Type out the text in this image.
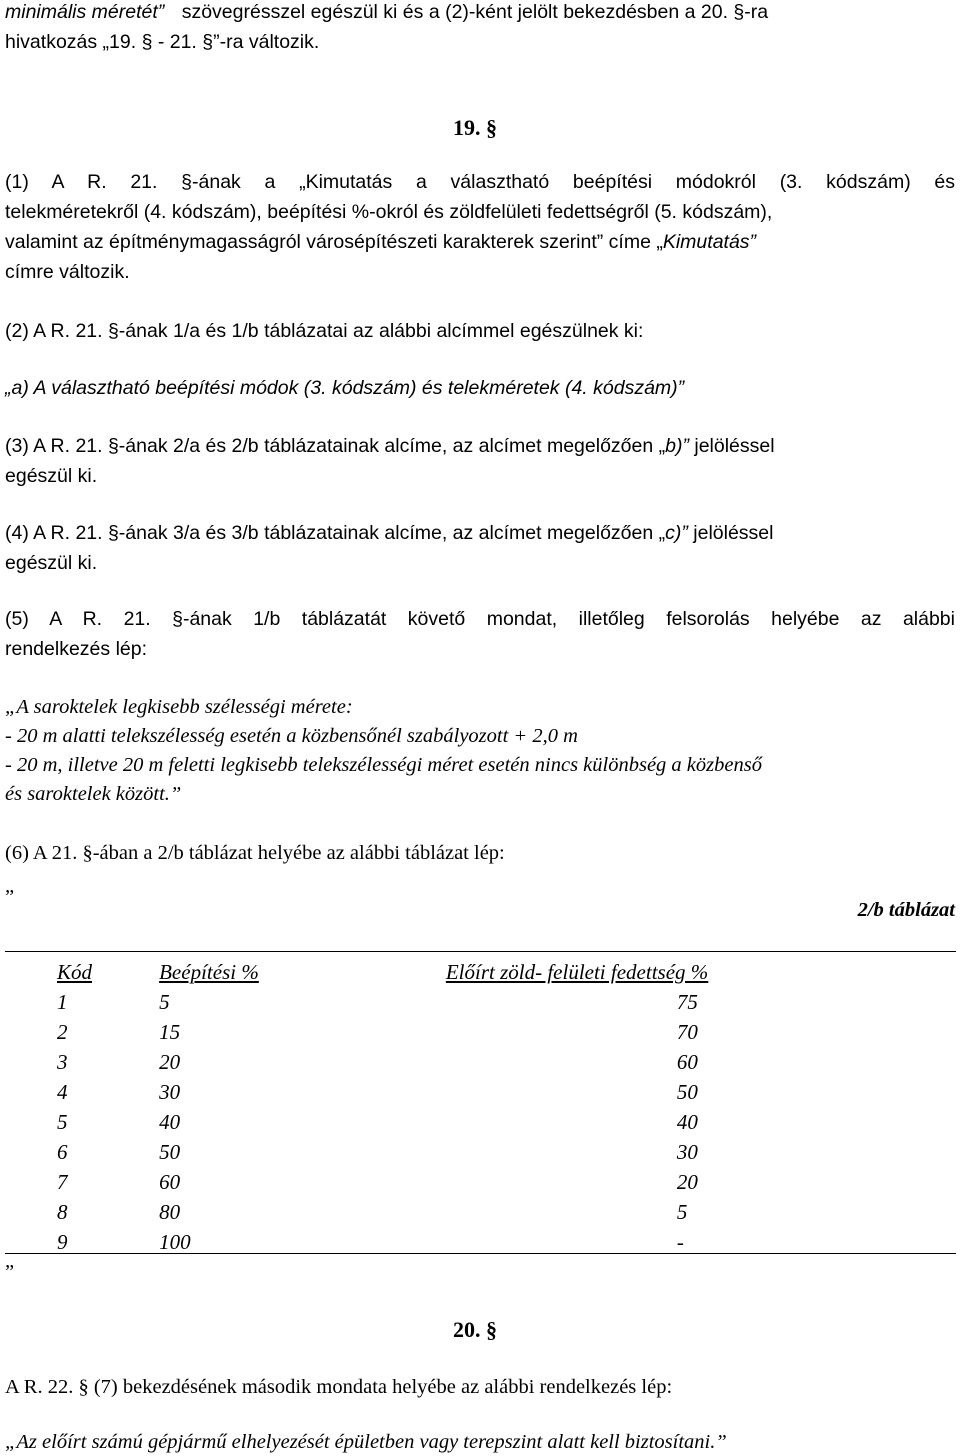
minimális méretét” szövegrésszel egészül ki és a (2)-ként jelölt bekezdésben a 20. §-ra
hivatkozás „19. § - 21. §”-ra változik.
19. §
(1) A R. 21. §-ának a „Kimutatás a választható beépítési módokról (3. kódszám) és
telekméretekről (4. kódszám), beépítési %-okról és zöldfelületi fedettségről (5. kódszám),
valamint az építménymagasságról városépítészeti karakterek szerint” címe „Kimutatás”
címre változik.
(2) A R. 21. §-ának 1/a és 1/b táblázatai az alábbi alcímmel egészülnek ki:
„a) A választható beépítési módok (3. kódszám) és telekméretek (4. kódszám)”
(3) A R. 21. §-ának 2/a és 2/b táblázatainak alcíme, az alcímet megelőzően „b)” jelöléssel
egészül ki.
(4) A R. 21. §-ának 3/a és 3/b táblázatainak alcíme, az alcímet megelőzően „c)” jelöléssel
egészül ki.
(5) A R. 21. §-ának 1/b táblázatát követő mondat, illetőleg felsorolás helyébe az alábbi
rendelkezés lép:
„A saroktelek legkisebb szélességi mérete:
- 20 m alatti telekszélesség esetén a közbensőnél szabályozott + 2,0 m
- 20 m, illetve 20 m feletti legkisebb telekszélességi méret esetén nincs különbség a közbenső
és saroktelek között.”
(6) A 21. §-ában a 2/b táblázat helyébe az alábbi táblázat lép:
„
2/b táblázat
Kód	Beépítési %	Előírt zöld- felületi fedettség %
1	5	75
2	15	70
3	20	60
4	30	50
5	40	40
6	50	30
7	60	20
8	80	5
9	100	-
”
20. §
A R. 22. § (7) bekezdésének második mondata helyébe az alábbi rendelkezés lép:
„Az előírt számú gépjármű elhelyezését épületben vagy terepszint alatt kell biztosítani.”
